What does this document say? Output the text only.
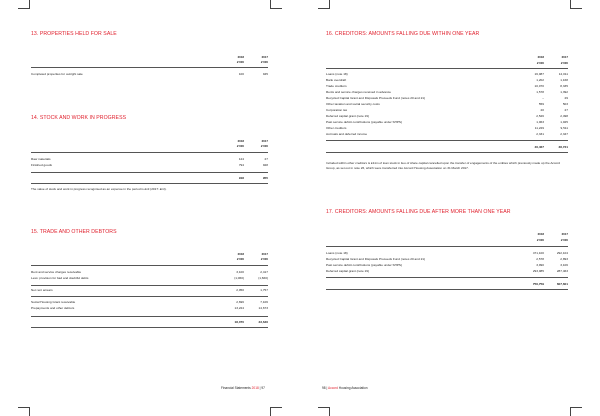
13. PROPERTIES HELD FOR SALE
2018	2017
£'000	£'000
Completed properties for outright sale	100	945
14. STOCK AND WORK IN PROGRESS
2018	2017
£'000	£'000
Raw materials	124	27
Finished goods	794	928
918	955
The value of stock and work in progress recognised as an expense in the period is £nil (2017: £nil).
15. TRADE AND OTHER DEBTORS
2018	2017
£'000	£'000
Rent and service charges receivable	3,100	2,417
Less: provision for bad and doubtful debts	(1,060)	(1,660)
Net rent arrears	2,050	1,757
Social Housing Grant receivable	2,696	7,106
Prepayments and other debtors	13,224	14,673
18,070	23,646
Financial Statements 2018 | 97
16. CREDITORS: AMOUNTS FALLING DUE WITHIN ONE YEAR
2018	2017
£'000	£'000
Loans (note 18)	16,087	12,011
Bank overdraft	1,202	1,168
Trade creditors	10,070	8,335
Rents and service charges received in advance	1,578	1,392
Recycled Capital Grant and Disposals Proceeds Fund (notes 20 and 21)	–	29
Other taxation and social security costs	559	503
Corporation tax	20	27
Deferred capital grant (note 19)	2,526	2,498
Past service deficit contributions (payable under SHPS)	1,063	1,025
Other creditors	11,229	9,511
Accruals and deferred income	2,331	2,347
46,467	38,721
Included within other creditors is £11m of loan stock in lieu of share capital cancelled upon the transfer of engagements of the entities which previously made up the Accord Group, as set out in note 26, which were transferred into Accord Housing Association on 31 March 2017.
17. CREDITORS: AMOUNTS FALLING DUE AFTER MORE THAN ONE YEAR
2018	2017
£'000	£'000
Loans (note 18)	471,100	292,104
Recycled Capital Grant and Disposals Proceeds Fund (notes 20 and 21)	2,578	2,893
Past service deficit contributions (payable under SHPS)	3,990	3,106
Deferred capital grant (note 19)	293,085	287,463
756,759	607,601
98 | Accord Housing Association
